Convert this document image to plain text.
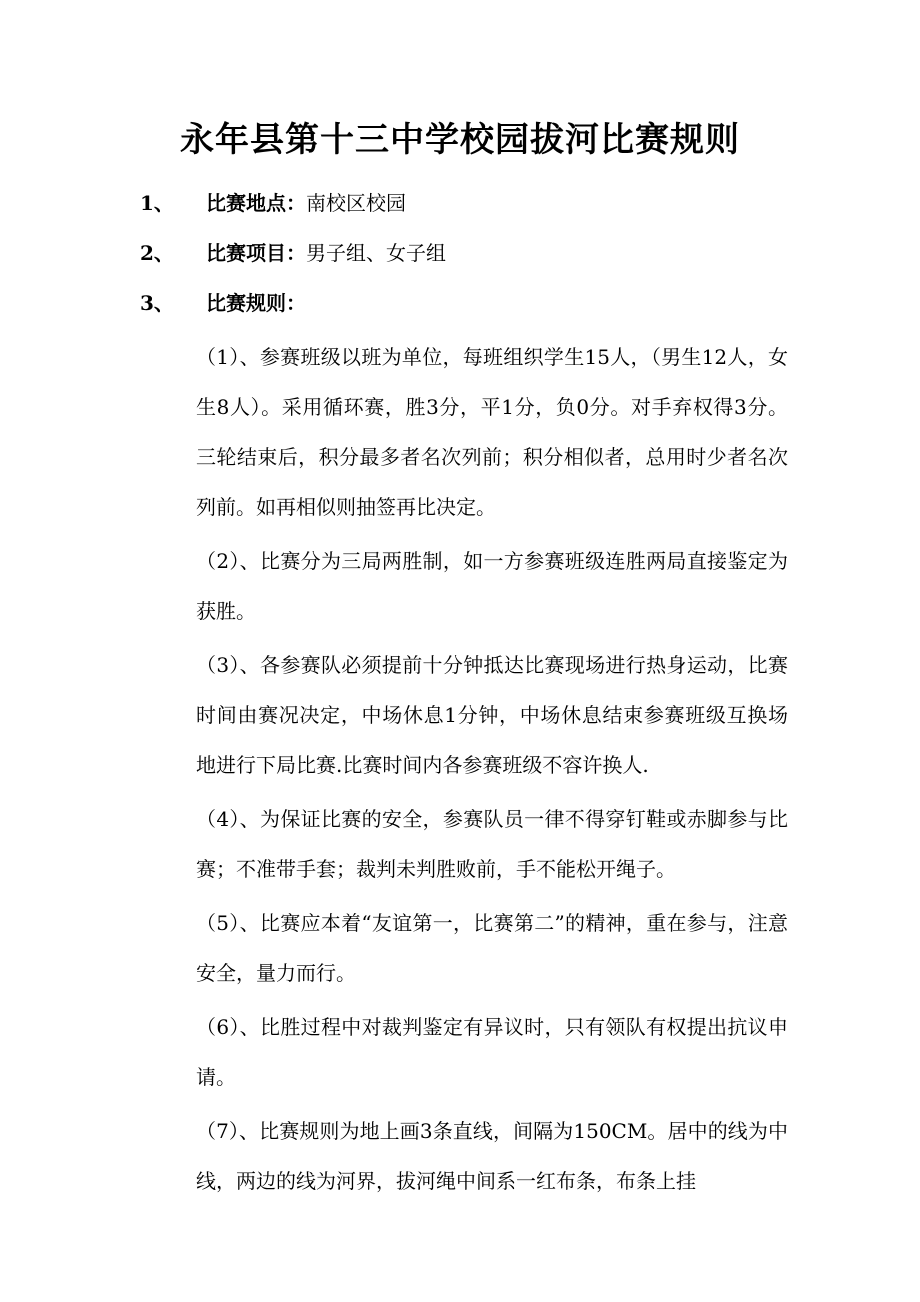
永年县第十三中学校园拔河比赛规则
1、 比赛地点：南校区校园
2、 比赛项目：男子组、女子组
3、 比赛规则：

（1）、参赛班级以班为单位，每班组织学生15人，（男生12人，女生8人）。采用循环赛，胜3分，平1分，负0分。对手弃权得3分。三轮结束后，积分最多者名次列前；积分相似者，总用时少者名次列前。如再相似则抽签再比决定。

（2）、比赛分为三局两胜制，如一方参赛班级连胜两局直接鉴定为获胜。

（3）、各参赛队必须提前十分钟抵达比赛现场进行热身运动，比赛时间由赛况决定，中场休息1分钟，中场休息结束参赛班级互换场地进行下局比赛.比赛时间内各参赛班级不容许换人.

（4）、为保证比赛的安全，参赛队员一律不得穿钉鞋或赤脚参与比赛；不准带手套；裁判未判胜败前，手不能松开绳子。

（5）、比赛应本着“友谊第一，比赛第二”的精神，重在参与，注意安全，量力而行。

（6）、比胜过程中对裁判鉴定有异议时，只有领队有权提出抗议申请。

（7）、比赛规则为地上画3条直线，间隔为150CM。居中的线为中线，两边的线为河界，拔河绳中间系一红布条，布条上挂
